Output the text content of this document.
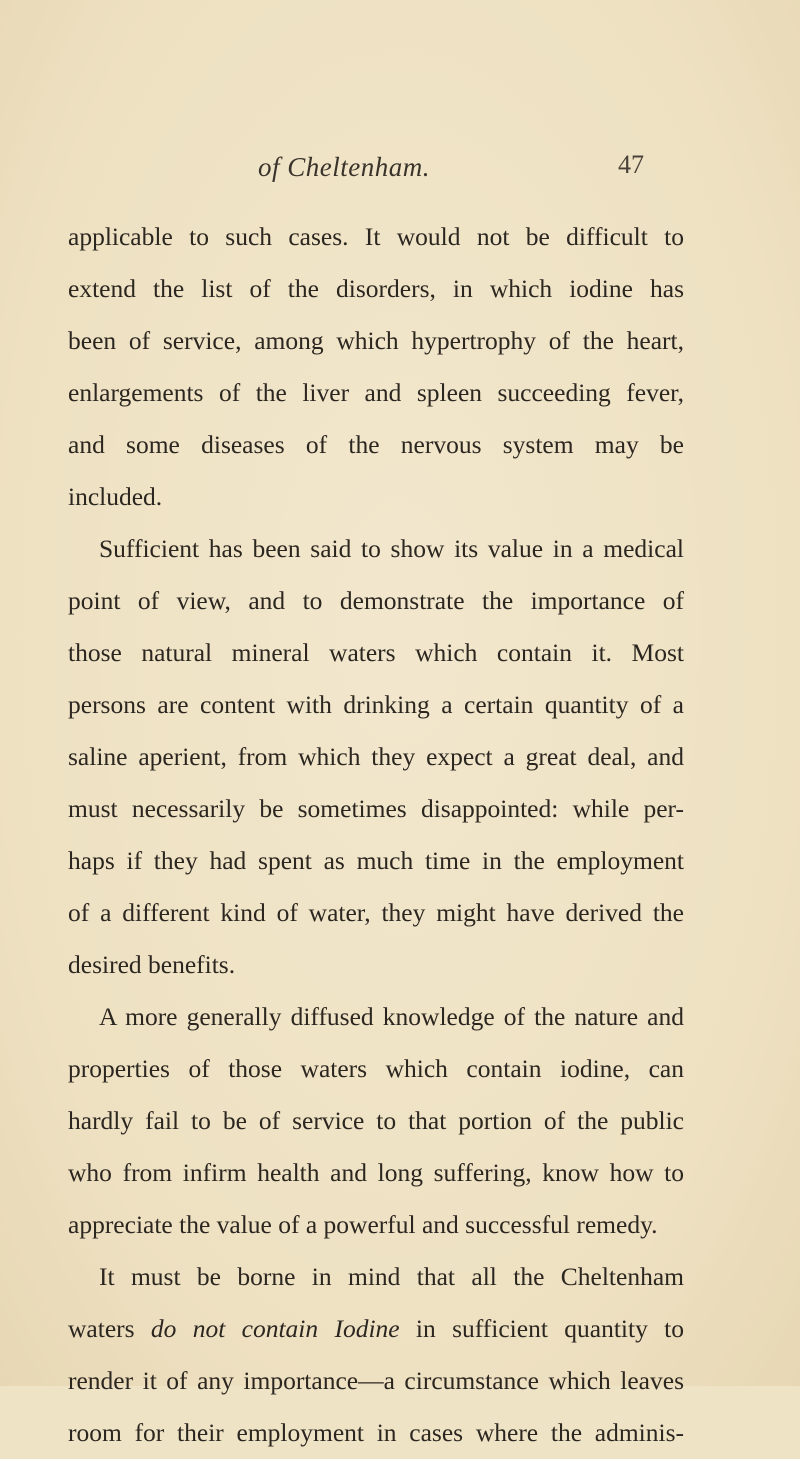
of Cheltenham.	47
applicable to such cases. It would not be difficult to
extend the list of the disorders, in which iodine has
been of service, among which hypertrophy of the heart,
enlargements of the liver and spleen succeeding fever,
and some diseases of the nervous system may be
included.
Sufficient has been said to show its value in a medical
point of view, and to demonstrate the importance of
those natural mineral waters which contain it. Most
persons are content with drinking a certain quantity of a
saline aperient, from which they expect a great deal, and
must necessarily be sometimes disappointed: while per-
haps if they had spent as much time in the employment
of a different kind of water, they might have derived the
desired benefits.
A more generally diffused knowledge of the nature and
properties of those waters which contain iodine, can
hardly fail to be of service to that portion of the public
who from infirm health and long suffering, know how to
appreciate the value of a powerful and successful remedy.
It must be borne in mind that all the Cheltenham
waters do not contain Iodine in sufficient quantity to
render it of any importance—a circumstance which leaves
room for their employment in cases where the adminis-
